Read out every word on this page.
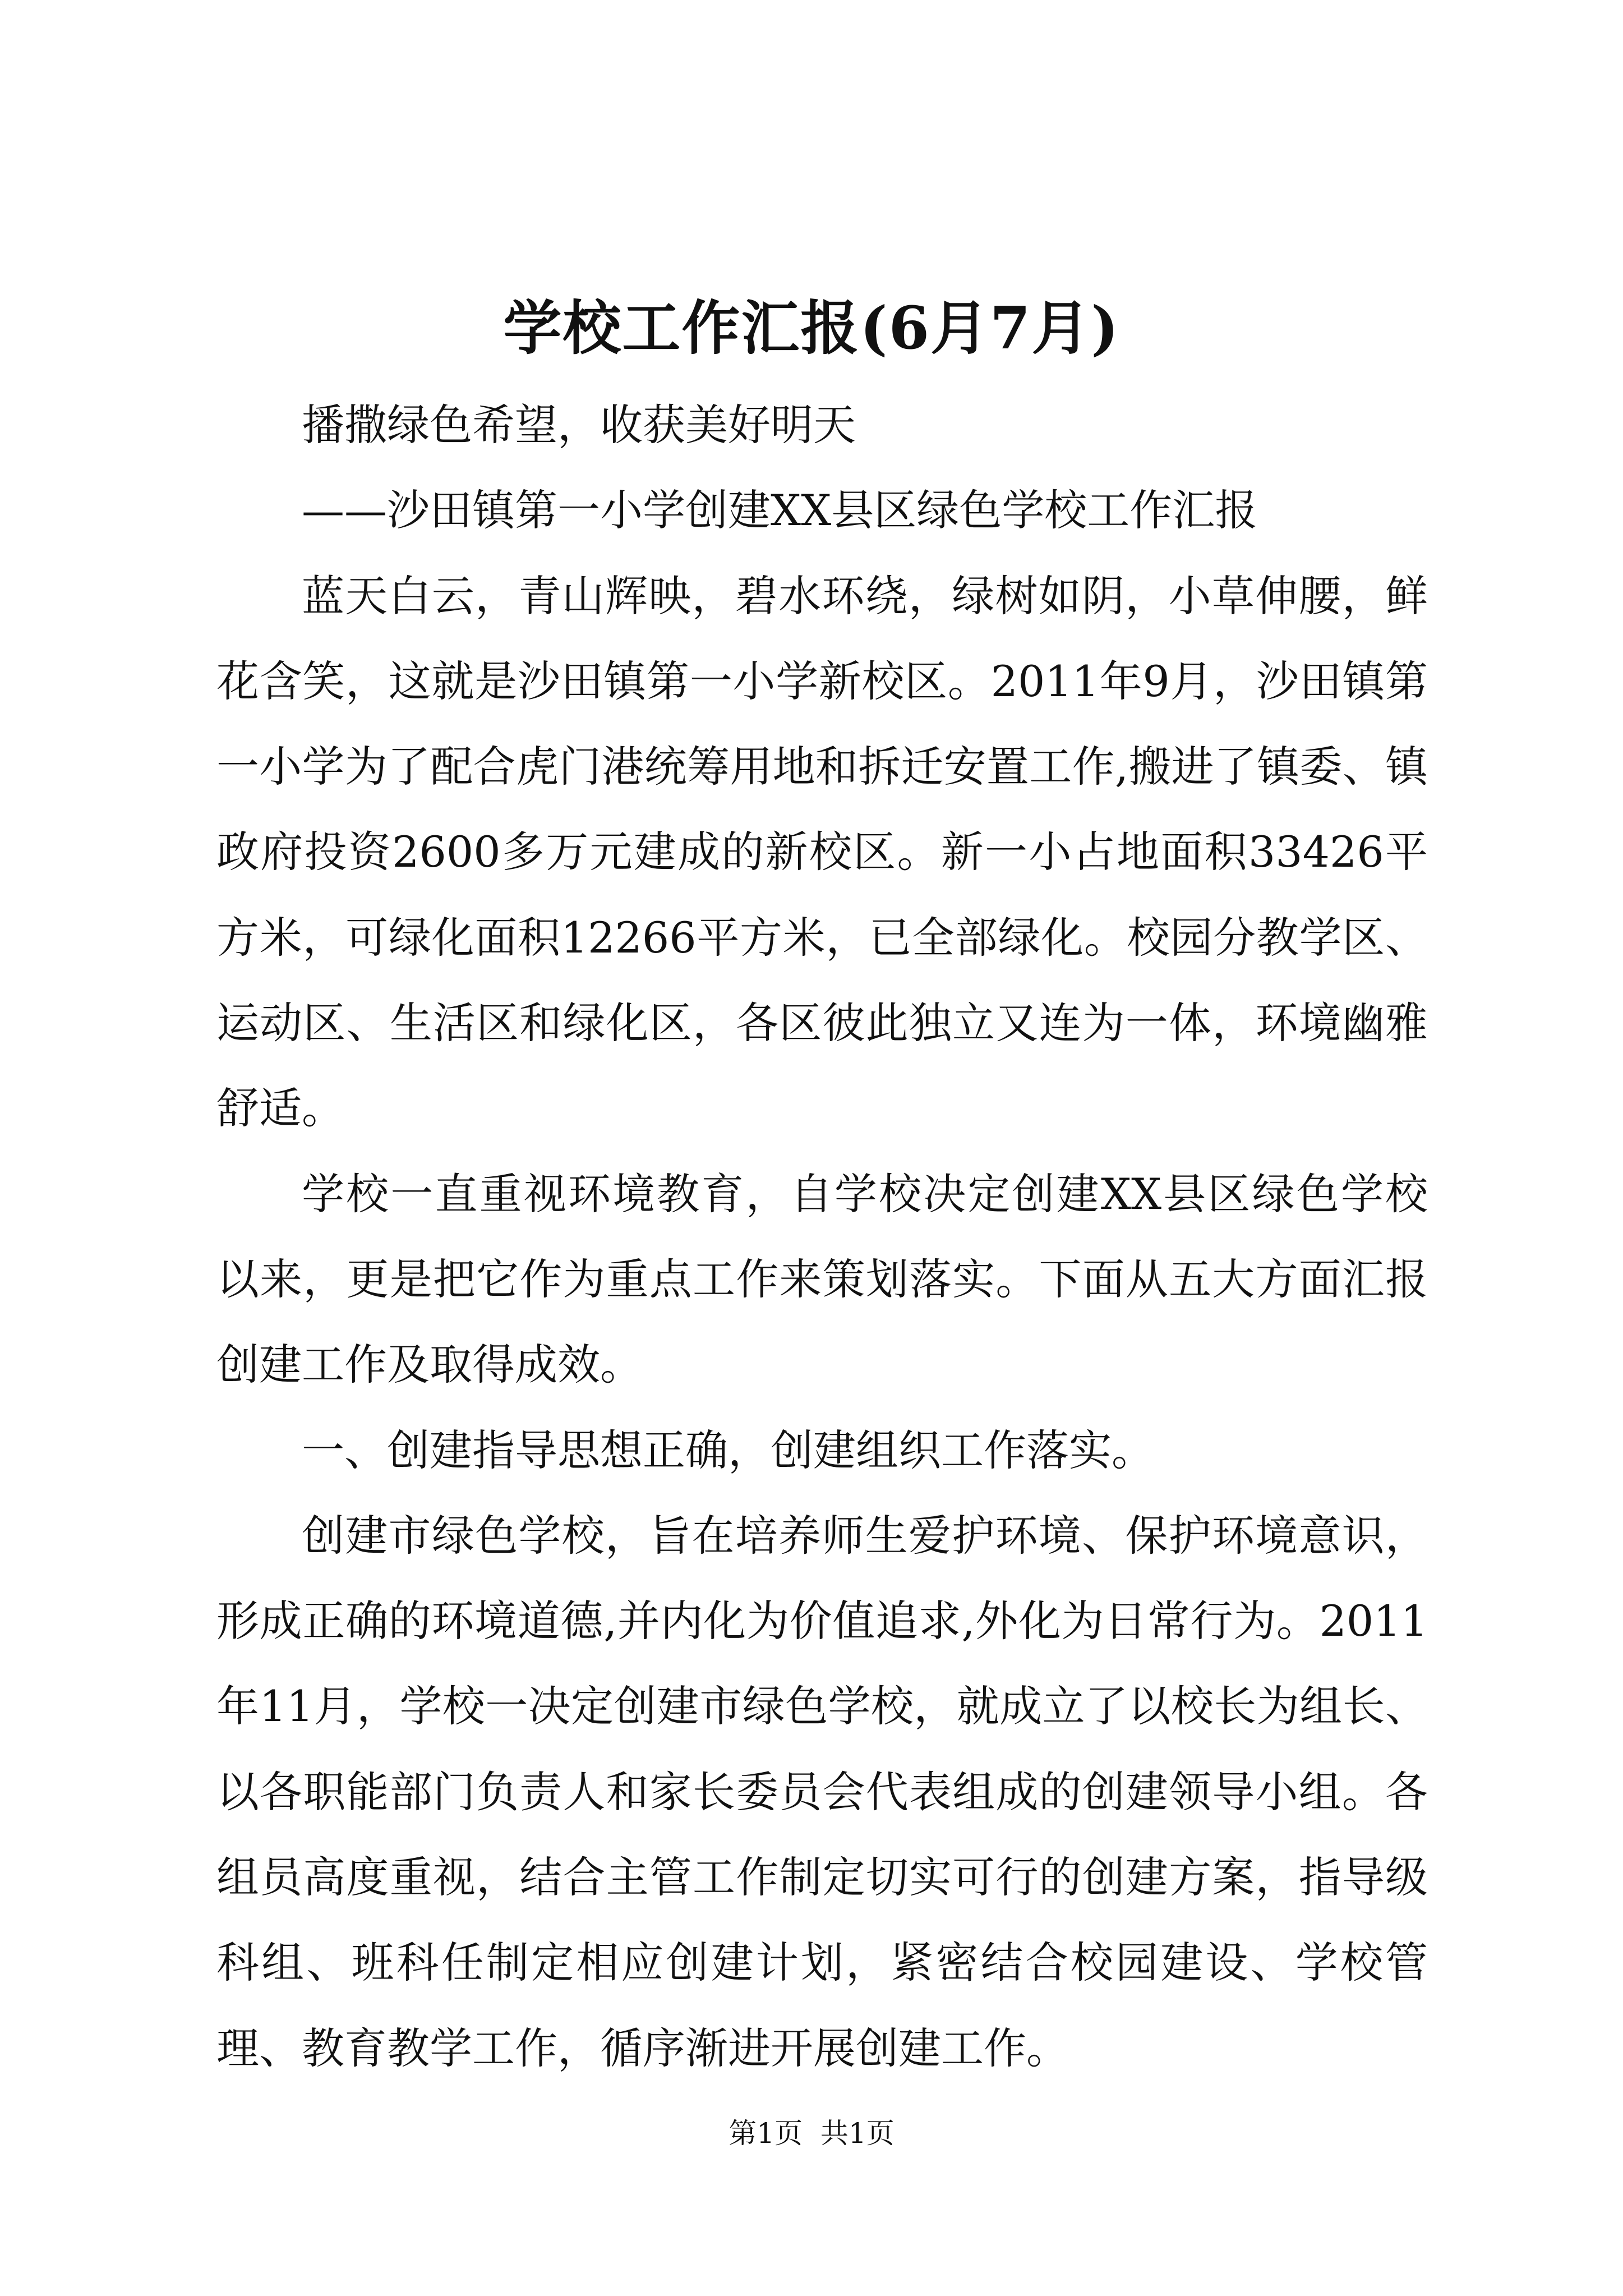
学校工作汇报(6月7月)

播撒绿色希望，收获美好明天

——沙田镇第一小学创建XX县区绿色学校工作汇报

蓝天白云，青山辉映，碧水环绕，绿树如阴，小草伸腰，鲜花含笑，这就是沙田镇第一小学新校区。2011年9月，沙田镇第一小学为了配合虎门港统筹用地和拆迁安置工作,搬进了镇委、镇政府投资2600多万元建成的新校区。新一小占地面积33426平方米，可绿化面积12266平方米，已全部绿化。校园分教学区、运动区、生活区和绿化区，各区彼此独立又连为一体，环境幽雅舒适。

学校一直重视环境教育，自学校决定创建XX县区绿色学校以来，更是把它作为重点工作来策划落实。下面从五大方面汇报创建工作及取得成效。

一、创建指导思想正确，创建组织工作落实。

创建市绿色学校，旨在培养师生爱护环境、保护环境意识，形成正确的环境道德,并内化为价值追求,外化为日常行为。2011年11月，学校一决定创建市绿色学校，就成立了以校长为组长、以各职能部门负责人和家长委员会代表组成的创建领导小组。各组员高度重视，结合主管工作制定切实可行的创建方案，指导级科组、班科任制定相应创建计划，紧密结合校园建设、学校管理、教育教学工作，循序渐进开展创建工作。

第1页 共1页
